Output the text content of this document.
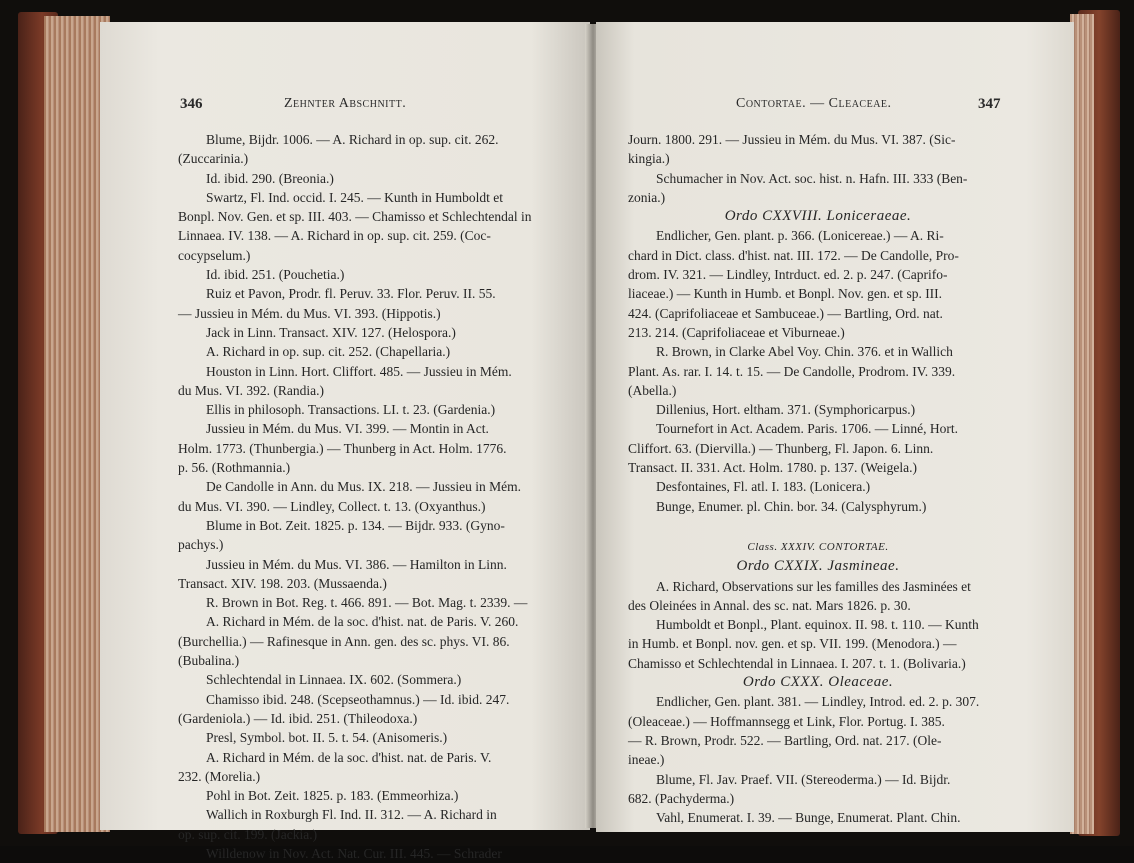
346	Zehnter Abschnitt.
Blume, Bijdr. 1006. — A. Richard in op. sup. cit. 262.
(Zuccarinia.)
Id. ibid. 290. (Breonia.)
Swartz, Fl. Ind. occid. I. 245. — Kunth in Humboldt et
Bonpl. Nov. Gen. et sp. III. 403. — Chamisso et Schlechtendal in
Linnaea. IV. 138. — A. Richard in op. sup. cit. 259. (Coc-
cocypselum.)
Id. ibid. 251. (Pouchetia.)
Ruiz et Pavon, Prodr. fl. Peruv. 33. Flor. Peruv. II. 55.
— Jussieu in Mém. du Mus. VI. 393. (Hippotis.)
Jack in Linn. Transact. XIV. 127. (Helospora.)
A. Richard in op. sup. cit. 252. (Chapellaria.)
Houston in Linn. Hort. Cliffort. 485. — Jussieu in Mém.
du Mus. VI. 392. (Randia.)
Ellis in philosoph. Transactions. LI. t. 23. (Gardenia.)
Jussieu in Mém. du Mus. VI. 399. — Montin in Act.
Holm. 1773. (Thunbergia.) — Thunberg in Act. Holm. 1776.
p. 56. (Rothmannia.)
De Candolle in Ann. du Mus. IX. 218. — Jussieu in Mém.
du Mus. VI. 390. — Lindley, Collect. t. 13. (Oxyanthus.)
Blume in Bot. Zeit. 1825. p. 134. — Bijdr. 933. (Gyno-
pachys.)
Jussieu in Mém. du Mus. VI. 386. — Hamilton in Linn.
Transact. XIV. 198. 203. (Mussaenda.)
R. Brown in Bot. Reg. t. 466. 891. — Bot. Mag. t. 2339. —
A. Richard in Mém. de la soc. d'hist. nat. de Paris. V. 260.
(Burchellia.) — Rafinesque in Ann. gen. des sc. phys. VI. 86.
(Bubalina.)
Schlechtendal in Linnaea. IX. 602. (Sommera.)
Chamisso ibid. 248. (Scepseothamnus.) — Id. ibid. 247.
(Gardeniola.) — Id. ibid. 251. (Thileodoxa.)
Presl, Symbol. bot. II. 5. t. 54. (Anisomeris.)
A. Richard in Mém. de la soc. d'hist. nat. de Paris. V.
232. (Morelia.)
Pohl in Bot. Zeit. 1825. p. 183. (Emmeorhiza.)
Wallich in Roxburgh Fl. Ind. II. 312. — A. Richard in
op. sup. cit. 199. (Jackia.)
Willdenow in Nov. Act. Nat. Cur. III. 445. — Schrader
Contortae. — Cleaceae.	347
Journ. 1800. 291. — Jussieu in Mém. du Mus. VI. 387. (Sic-
kingia.)
Schumacher in Nov. Act. soc. hist. n. Hafn. III. 333 (Ben-
zonia.)
Ordo CXXVIII. Loniceraeae.
Endlicher, Gen. plant. p. 366. (Lonicereae.) — A. Ri-
chard in Dict. class. d'hist. nat. III. 172. — De Candolle, Pro-
drom. IV. 321. — Lindley, Intrduct. ed. 2. p. 247. (Caprifo-
liaceae.) — Kunth in Humb. et Bonpl. Nov. gen. et sp. III.
424. (Caprifoliaceae et Sambuceae.) — Bartling, Ord. nat.
213. 214. (Caprifoliaceae et Viburneae.)
R. Brown, in Clarke Abel Voy. Chin. 376. et in Wallich
Plant. As. rar. I. 14. t. 15. — De Candolle, Prodrom. IV. 339.
(Abella.)
Dillenius, Hort. eltham. 371. (Symphoricarpus.)
Tournefort in Act. Academ. Paris. 1706. — Linné, Hort.
Cliffort. 63. (Diervilla.) — Thunberg, Fl. Japon. 6. Linn.
Transact. II. 331. Act. Holm. 1780. p. 137. (Weigela.)
Desfontaines, Fl. atl. I. 183. (Lonicera.)
Bunge, Enumer. pl. Chin. bor. 34. (Calysphyrum.)
Class. XXXIV. CONTORTAE.
Ordo CXXIX. Jasmineae.
A. Richard, Observations sur les familles des Jasminées et
des Oleinées in Annal. des sc. nat. Mars 1826. p. 30.
Humboldt et Bonpl., Plant. equinox. II. 98. t. 110. — Kunth
in Humb. et Bonpl. nov. gen. et sp. VII. 199. (Menodora.) —
Chamisso et Schlechtendal in Linnaea. I. 207. t. 1. (Bolivaria.)
Ordo CXXX. Oleaceae.
Endlicher, Gen. plant. 381. — Lindley, Introd. ed. 2. p. 307.
(Oleaceae.) — Hoffmannsegg et Link, Flor. Portug. I. 385.
— R. Brown, Prodr. 522. — Bartling, Ord. nat. 217. (Ole-
ineae.)
Blume, Fl. Jav. Praef. VII. (Stereoderma.) — Id. Bijdr.
682. (Pachyderma.)
Vahl, Enumerat. I. 39. — Bunge, Enumerat. Plant. Chin.
